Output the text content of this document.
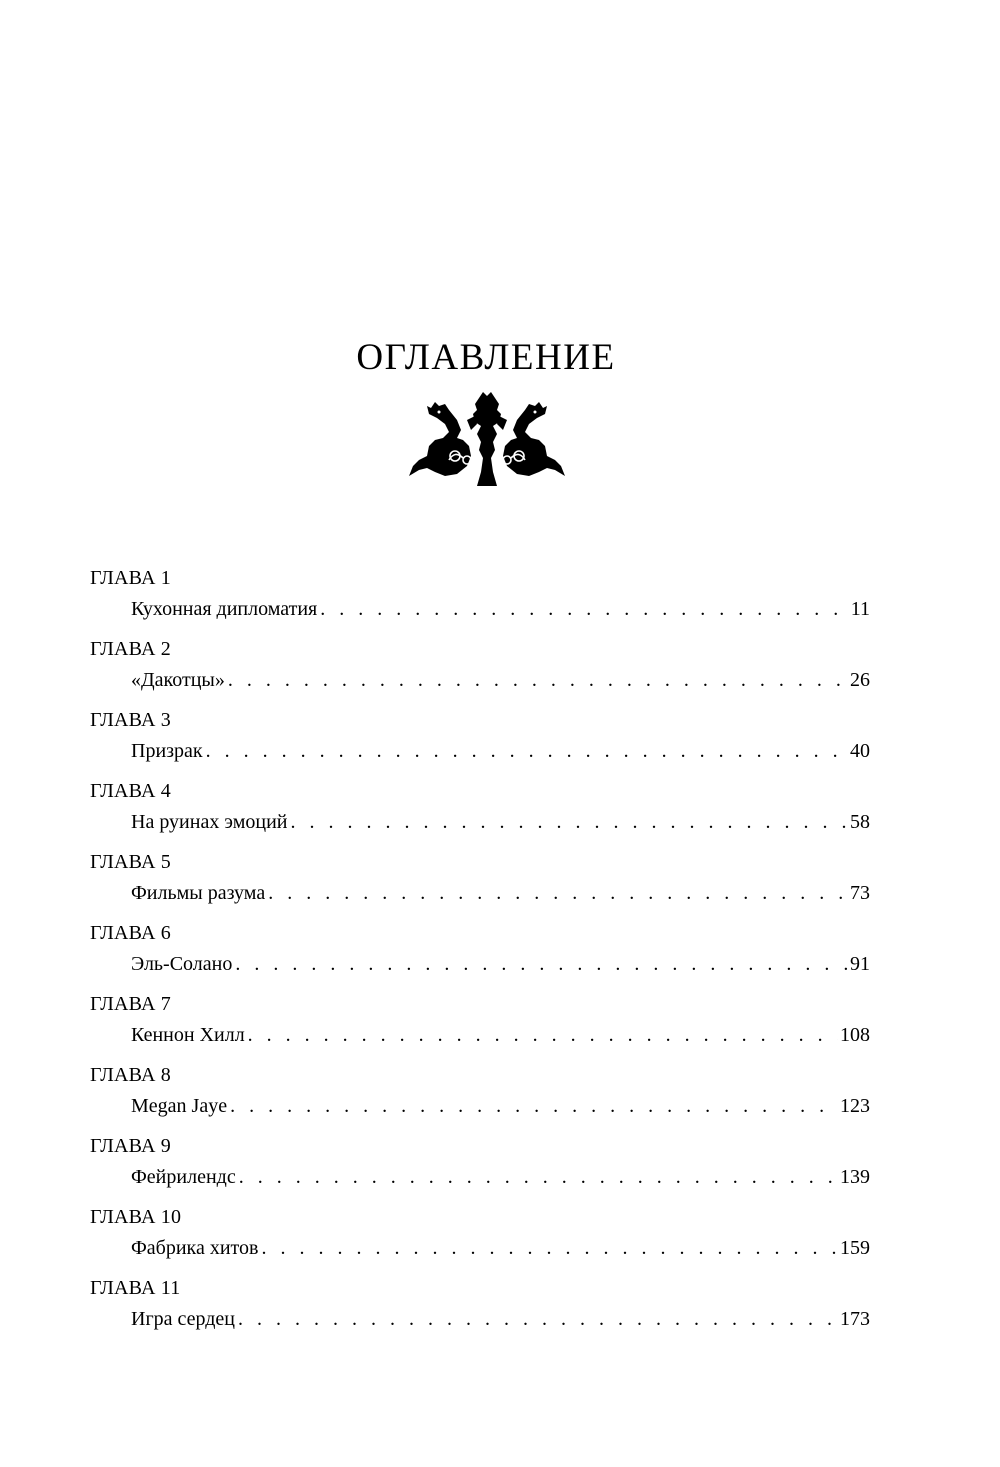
ОГЛАВЛЕНИЕ
ГЛАВА 1
Кухонная дипломатия . . .	11
ГЛАВА 2
«Дакотцы» . . .	26
ГЛАВА 3
Призрак . . .	40
ГЛАВА 4
На руинах эмоций . . .	58
ГЛАВА 5
Фильмы разума . . .	73
ГЛАВА 6
Эль-Солано . . .	91
ГЛАВА 7
Кеннон Хилл . . .	108
ГЛАВА 8
Megan Jaye . . .	123
ГЛАВА 9
Фейрилендс . . .	139
ГЛАВА 10
Фабрика хитов . . .	159
ГЛАВА 11
Игра сердец . . .	173
